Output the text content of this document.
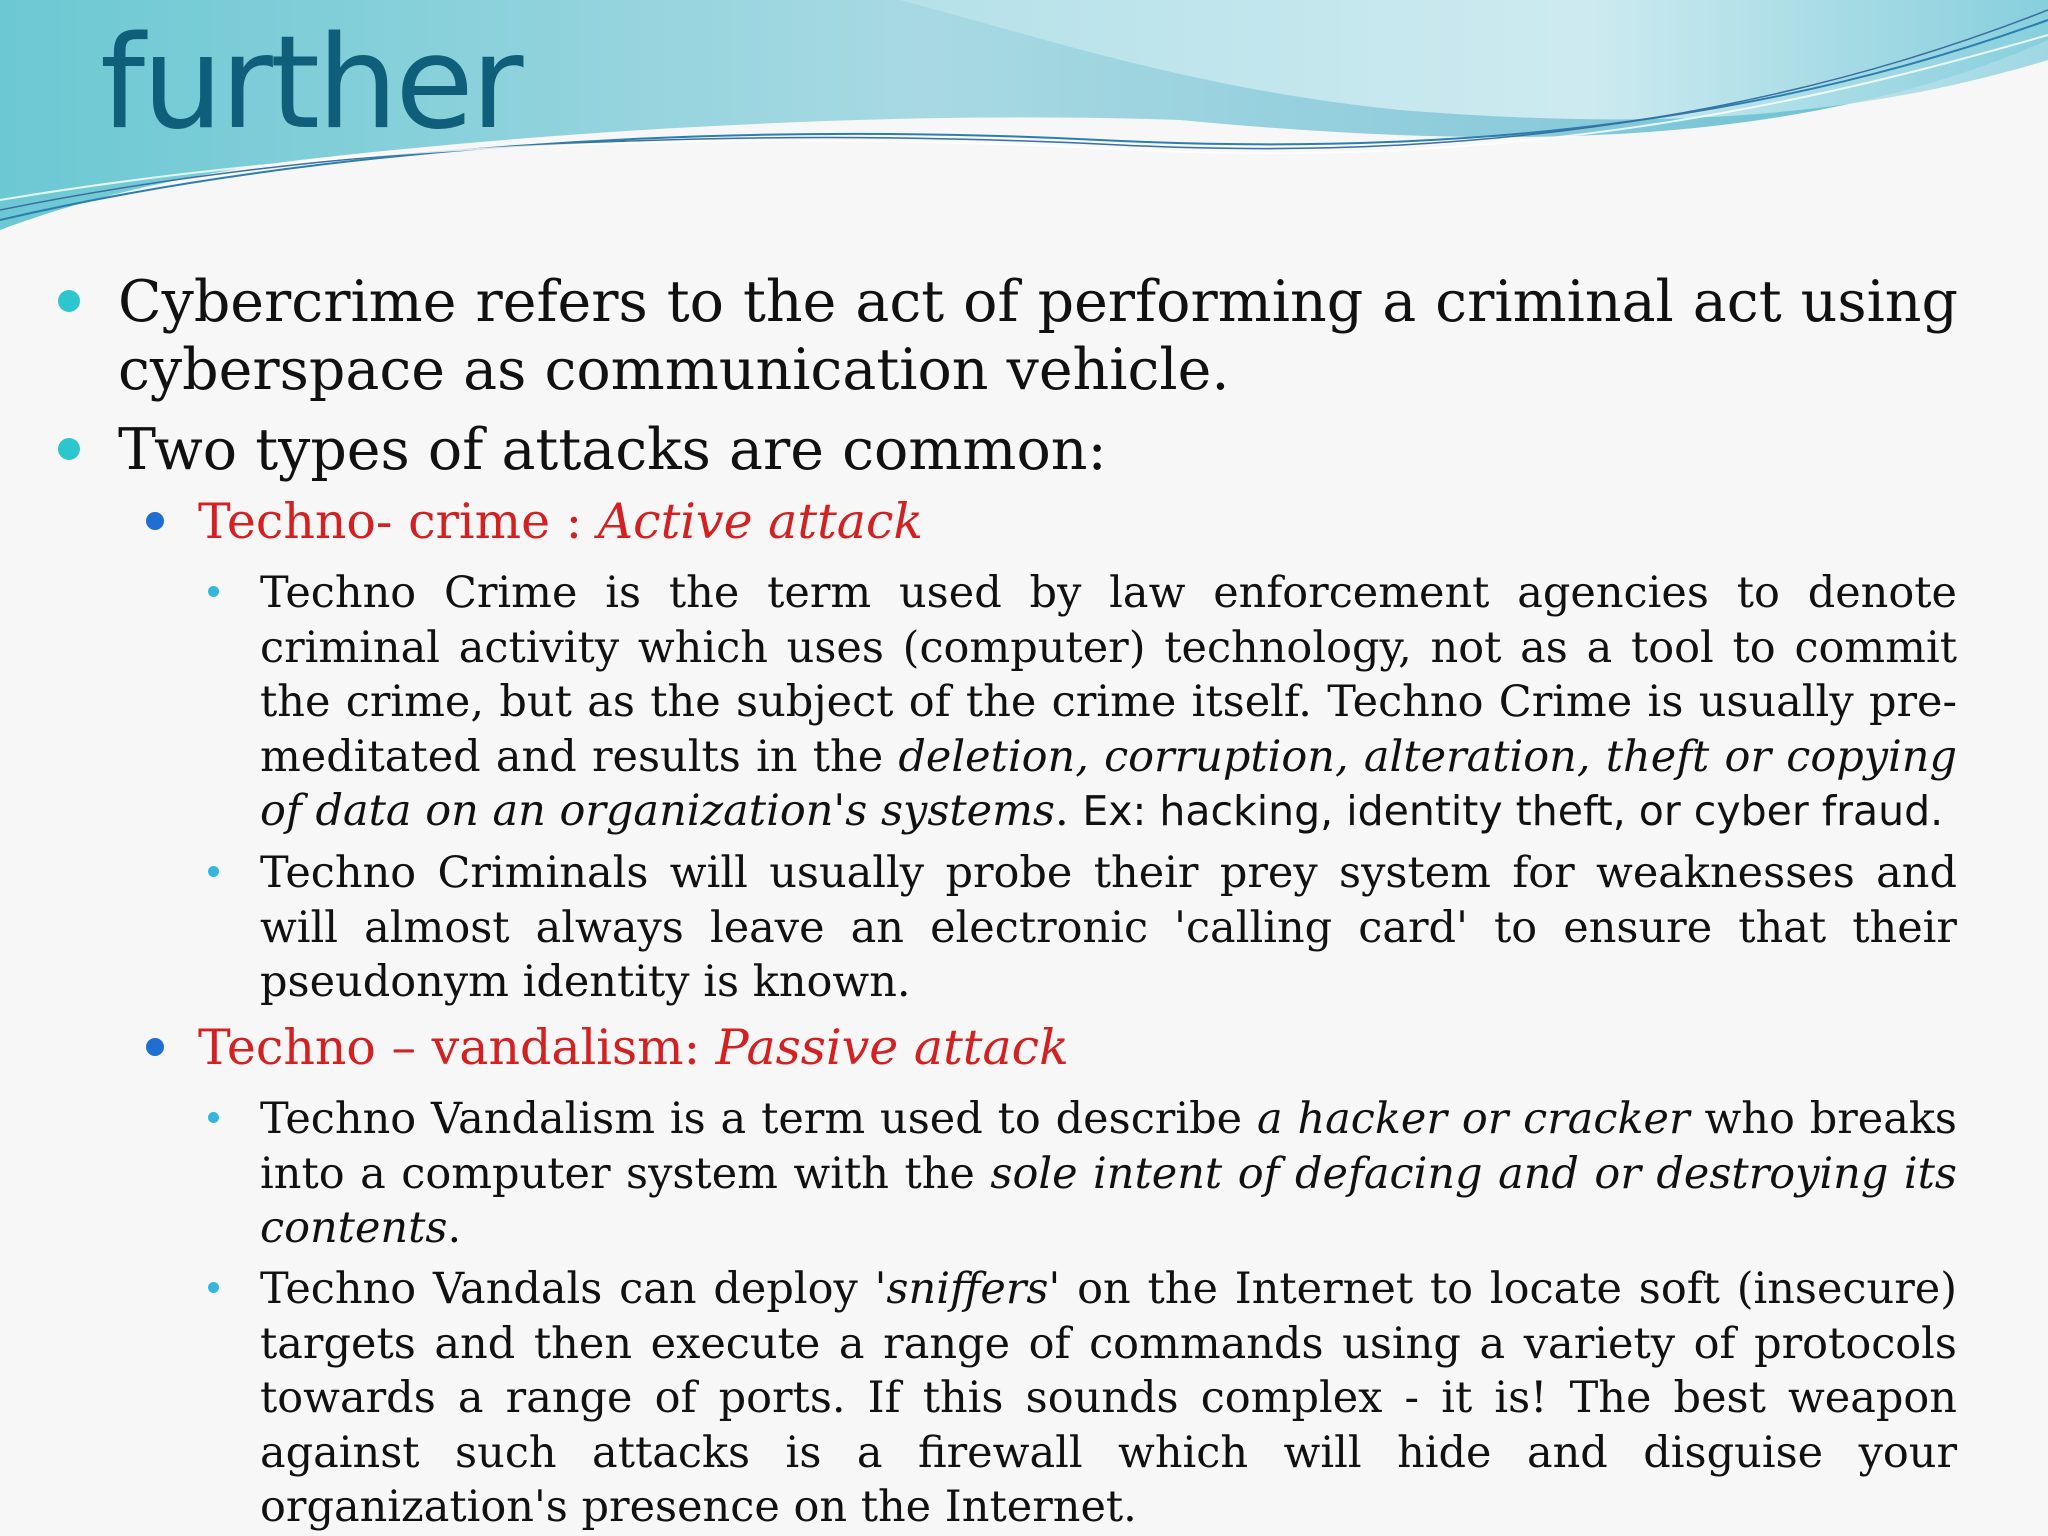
further
Cybercrime refers to the act of performing a criminal act using cyberspace as communication vehicle.
Two types of attacks are common:
Techno- crime : Active attack
Techno Crime is the term used by law enforcement agencies to denote criminal activity which uses (computer) technology, not as a tool to commit the crime, but as the subject of the crime itself. Techno Crime is usually pre-meditated and results in the deletion, corruption, alteration, theft or copying of data on an organization's systems. Ex: hacking, identity theft, or cyber fraud.
Techno Criminals will usually probe their prey system for weaknesses and will almost always leave an electronic 'calling card' to ensure that their pseudonym identity is known.
Techno – vandalism: Passive attack
Techno Vandalism is a term used to describe a hacker or cracker who breaks into a computer system with the sole intent of defacing and or destroying its contents.
Techno Vandals can deploy 'sniffers' on the Internet to locate soft (insecure) targets and then execute a range of commands using a variety of protocols towards a range of ports. If this sounds complex - it is! The best weapon against such attacks is a firewall which will hide and disguise your organization's presence on the Internet.
